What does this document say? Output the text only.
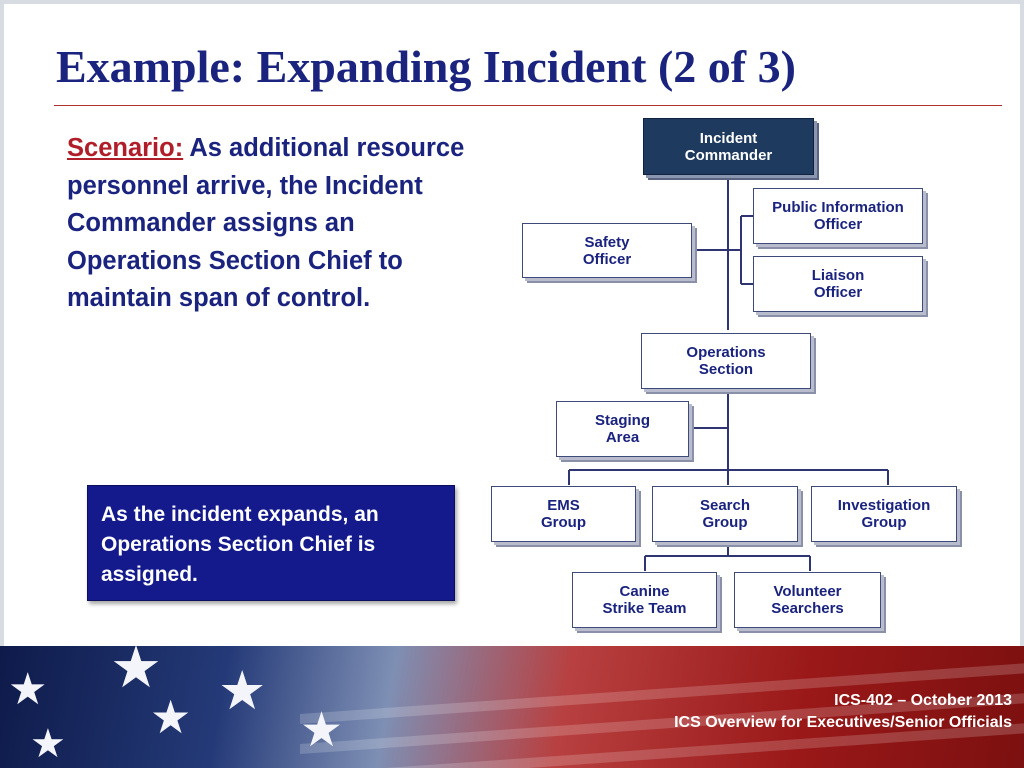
Example: Expanding Incident (2 of 3)
Scenario: As additional resource personnel arrive, the Incident Commander assigns an Operations Section Chief to maintain span of control.
As the incident expands, an Operations Section Chief is assigned.
Incident
Commander
Public Information
Officer
Safety
Officer
Liaison
Officer
Operations
Section
Staging
Area
EMS
Group
Search
Group
Investigation
Group
Canine
Strike Team
Volunteer
Searchers
★ ★
★ ★
★
★
ICS-402 – October 2013
ICS Overview for Executives/Senior Officials
